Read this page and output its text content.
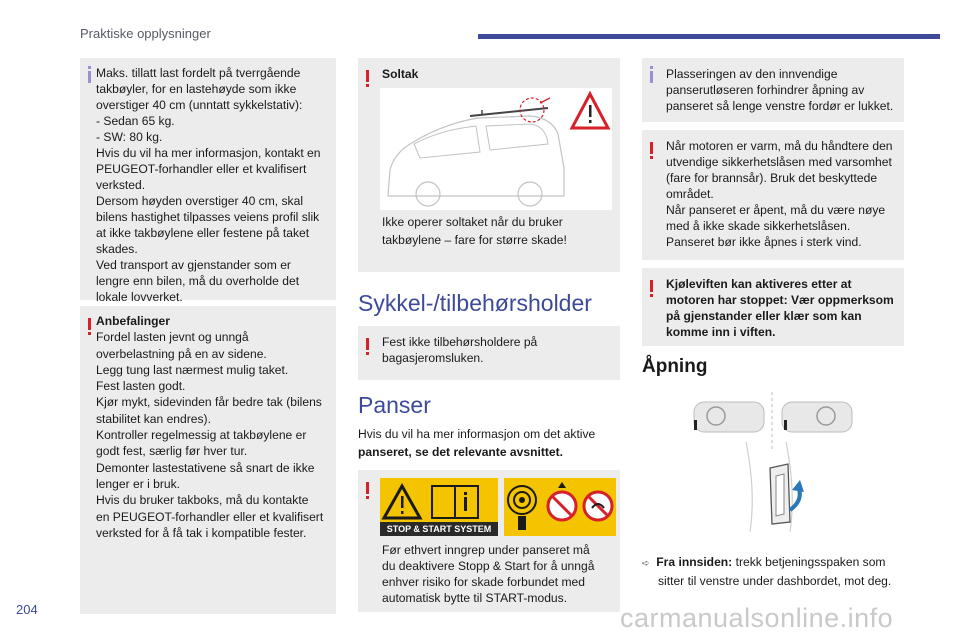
Praktiske opplysninger
Maks. tillatt last fordelt på tverrgående
takbøyler, for en lastehøyde som ikke
overstiger 40 cm (unntatt sykkelstativ):
- Sedan 65 kg.
- SW: 80 kg.
Hvis du vil ha mer informasjon, kontakt en
PEUGEOT-forhandler eller et kvalifisert
verksted.
Dersom høyden overstiger 40 cm, skal
bilens hastighet tilpasses veiens profil slik
at ikke takbøylene eller festene på taket
skades.
Ved transport av gjenstander som er
lengre enn bilen, må du overholde det
lokale lovverket.
Anbefalinger
Fordel lasten jevnt og unngå
overbelastning på en av sidene.
Legg tung last nærmest mulig taket.
Fest lasten godt.
Kjør mykt, sidevinden får bedre tak (bilens
stabilitet kan endres).
Kontroller regelmessig at takbøylene er
godt fest, særlig før hver tur.
Demonter lastestativene så snart de ikke
lenger er i bruk.
Hvis du bruker takboks, må du kontakte
en PEUGEOT-forhandler eller et kvalifisert
verksted for å få tak i kompatible fester.
Soltak
Ikke operer soltaket når du bruker
takbøylene – fare for større skade!
Sykkel-/tilbehørsholder
Fest ikke tilbehørsholdere på
bagasjeromsluken.
Panser
Hvis du vil ha mer informasjon om det aktive
panseret, se det relevante avsnittet.
STOP & START SYSTEM
Før ethvert inngrep under panseret må
du deaktivere Stopp & Start for å unngå
enhver risiko for skade forbundet med
automatisk bytte til START-modus.
Plasseringen av den innvendige
panserutløseren forhindrer åpning av
panseret så lenge venstre fordør er lukket.
Når motoren er varm, må du håndtere den
utvendige sikkerhetslåsen med varsomhet
(fare for brannsår). Bruk det beskyttede
området.
Når panseret er åpent, må du være nøye
med å ikke skade sikkerhetslåsen.
Panseret bør ikke åpnes i sterk vind.
Kjøleviften kan aktiveres etter at
motoren har stoppet: Vær oppmerksom
på gjenstander eller klær som kan
komme inn i viften.
Åpning
➪ Fra innsiden: trekk betjeningsspaken som
sitter til venstre under dashbordet, mot deg.
204	carmanualsonline.info
